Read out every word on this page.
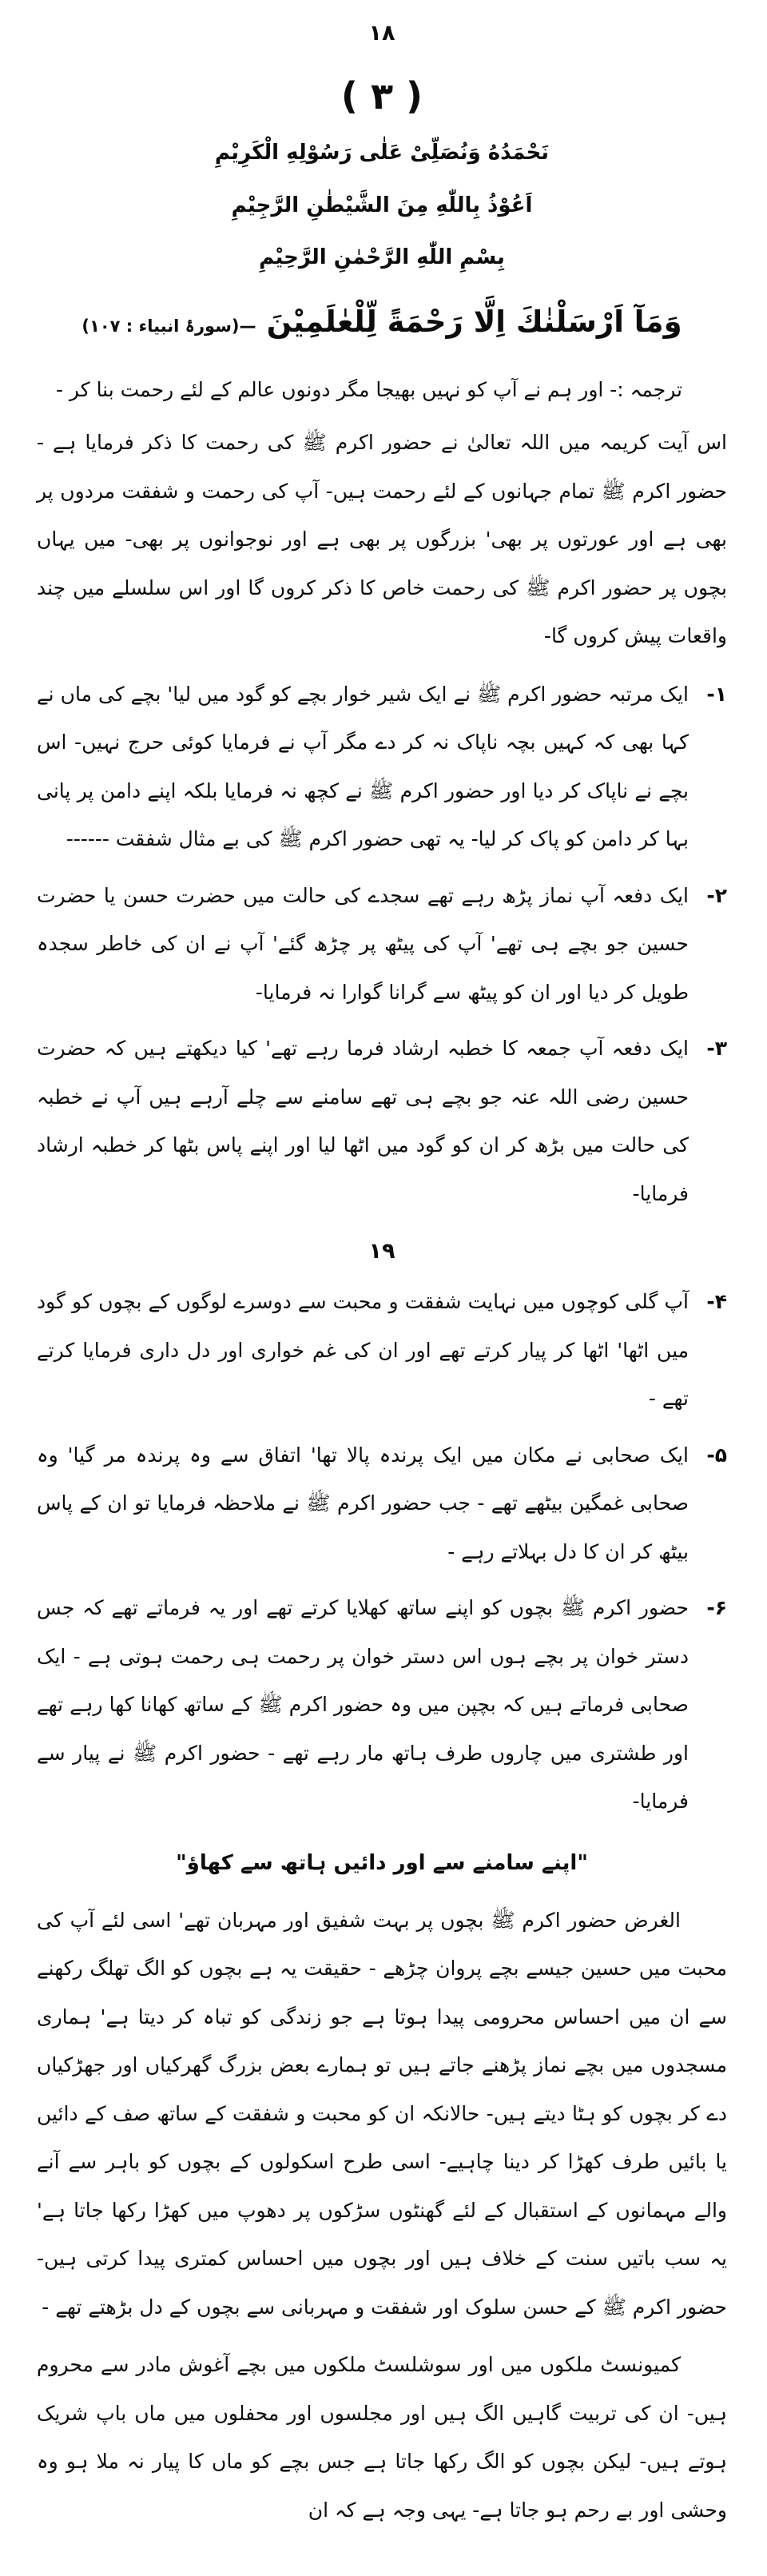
۱۸
( ۳ )
نَحْمَدُهُ وَنُصَلِّىْ عَلٰى رَسُوْلِهِ الْكَرِيْمِ
اَعُوْذُ بِاللّٰهِ مِنَ الشَّيْطٰنِ الرَّجِيْمِ
بِسْمِ اللّٰهِ الرَّحْمٰنِ الرَّحِيْمِ
وَمَآ اَرْسَلْنٰكَ اِلَّا رَحْمَةً لِّلْعٰلَمِيْنَ —(سورۂ انبیاء : ۱۰۷)

ترجمہ :- اور ہم نے آپ کو نہیں بھیجا مگر دونوں عالم کے لئے رحمت بنا کر -

اس آیت کریمہ میں اللہ تعالیٰ نے حضور اکرم ﷺ کی رحمت کا ذکر فرمایا ہے - حضور اکرم ﷺ تمام جہانوں کے لئے رحمت ہیں- آپ کی رحمت و شفقت مردوں پر بھی ہے اور عورتوں پر بھی' بزرگوں پر بھی ہے اور نوجوانوں پر بھی- میں یہاں بچوں پر حضور اکرم ﷺ کی رحمت خاص کا ذکر کروں گا اور اس سلسلے میں چند واقعات پیش کروں گا-

۱-

ایک مرتبہ حضور اکرم ﷺ نے ایک شیر خوار بچے کو گود میں لیا' بچے کی ماں نے کہا بھی کہ کہیں بچہ ناپاک نہ کر دے مگر آپ نے فرمایا کوئی حرج نہیں- اس بچے نے ناپاک کر دیا اور حضور اکرم ﷺ نے کچھ نہ فرمایا بلکہ اپنے دامن پر پانی بہا کر دامن کو پاک کر لیا- یہ تھی حضور اکرم ﷺ کی بے مثال شفقت ------

۲-

ایک دفعہ آپ نماز پڑھ رہے تھے سجدے کی حالت میں حضرت حسن یا حضرت حسین جو بچے ہی تھے' آپ کی پیٹھ پر چڑھ گئے' آپ نے ان کی خاطر سجدہ طویل کر دیا اور ان کو پیٹھ سے گرانا گوارا نہ فرمایا-

۳-

ایک دفعہ آپ جمعہ کا خطبہ ارشاد فرما رہے تھے' کیا دیکھتے ہیں کہ حضرت حسین رضی اللہ عنہ جو بچے ہی تھے سامنے سے چلے آرہے ہیں آپ نے خطبہ کی حالت میں بڑھ کر ان کو گود میں اٹھا لیا اور اپنے پاس بٹھا کر خطبہ ارشاد فرمایا-

۱۹
۴-

آپ گلی کوچوں میں نہایت شفقت و محبت سے دوسرے لوگوں کے بچوں کو گود میں اٹھا' اٹھا کر پیار کرتے تھے اور ان کی غم خواری اور دل داری فرمایا کرتے تھے -

۵-

ایک صحابی نے مکان میں ایک پرندہ پالا تھا' اتفاق سے وہ پرندہ مر گیا' وہ صحابی غمگین بیٹھے تھے - جب حضور اکرم ﷺ نے ملاحظہ فرمایا تو ان کے پاس بیٹھ کر ان کا دل بہلاتے رہے -

۶-

حضور اکرم ﷺ بچوں کو اپنے ساتھ کھلایا کرتے تھے اور یہ فرماتے تھے کہ جس دستر خوان پر بچے ہوں اس دستر خوان پر رحمت ہی رحمت ہوتی ہے - ایک صحابی فرماتے ہیں کہ بچپن میں وہ حضور اکرم ﷺ کے ساتھ کھانا کھا رہے تھے اور طشتری میں چاروں طرف ہاتھ مار رہے تھے - حضور اکرم ﷺ نے پیار سے فرمایا-

"اپنے سامنے سے اور دائیں ہاتھ سے کھاؤ"

الغرض حضور اکرم ﷺ بچوں پر بہت شفیق اور مہربان تھے' اسی لئے آپ کی محبت میں حسین جیسے بچے پروان چڑھے - حقیقت یہ ہے بچوں کو الگ تھلگ رکھنے سے ان میں احساس محرومی پیدا ہوتا ہے جو زندگی کو تباہ کر دیتا ہے' ہماری مسجدوں میں بچے نماز پڑھنے جاتے ہیں تو ہمارے بعض بزرگ گھرکیاں اور جھڑکیاں دے کر بچوں کو ہٹا دیتے ہیں- حالانکہ ان کو محبت و شفقت کے ساتھ صف کے دائیں یا بائیں طرف کھڑا کر دینا چاہیے- اسی طرح اسکولوں کے بچوں کو باہر سے آنے والے مہمانوں کے استقبال کے لئے گھنٹوں سڑکوں پر دھوپ میں کھڑا رکھا جاتا ہے' یہ سب باتیں سنت کے خلاف ہیں اور بچوں میں احساس کمتری پیدا کرتی ہیں- حضور اکرم ﷺ کے حسن سلوک اور شفقت و مہربانی سے بچوں کے دل بڑھتے تھے -

کمیونسٹ ملکوں میں اور سوشلسٹ ملکوں میں بچے آغوش مادر سے محروم ہیں- ان کی تربیت گاہیں الگ ہیں اور مجلسوں اور محفلوں میں ماں باپ شریک ہوتے ہیں- لیکن بچوں کو الگ رکھا جاتا ہے جس بچے کو ماں کا پیار نہ ملا ہو وہ وحشی اور بے رحم ہو جاتا ہے- یہی وجہ ہے کہ ان
